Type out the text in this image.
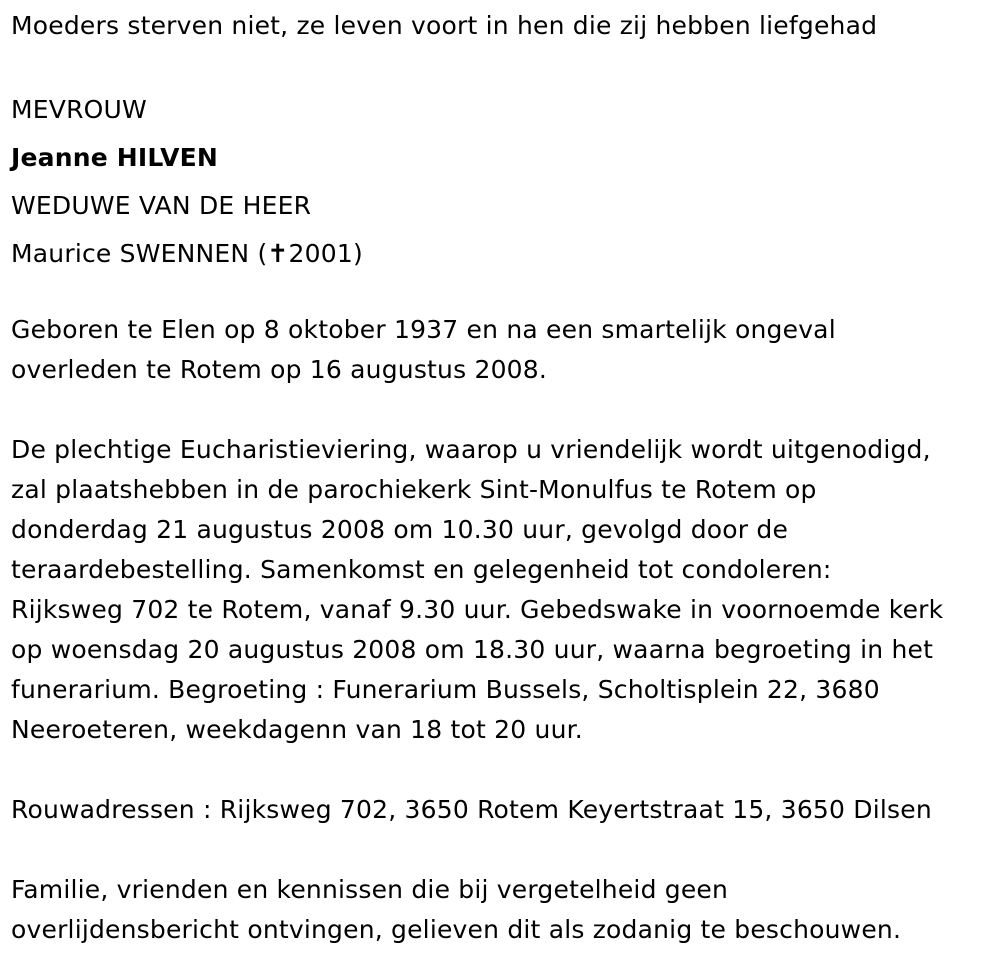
Moeders sterven niet, ze leven voort in hen die zij hebben liefgehad
MEVROUW
Jeanne HILVEN
WEDUWE VAN DE HEER
Maurice SWENNEN (✝2001)
Geboren te Elen op 8 oktober 1937 en na een smartelijk ongeval
overleden te Rotem op 16 augustus 2008.
De plechtige Eucharistieviering, waarop u vriendelijk wordt uitgenodigd,
zal plaatshebben in de parochiekerk Sint-Monulfus te Rotem op
donderdag 21 augustus 2008 om 10.30 uur, gevolgd door de
teraardebestelling. Samenkomst en gelegenheid tot condoleren:
Rijksweg 702 te Rotem, vanaf 9.30 uur. Gebedswake in voornoemde kerk
op woensdag 20 augustus 2008 om 18.30 uur, waarna begroeting in het
funerarium. Begroeting : Funerarium Bussels, Scholtisplein 22, 3680
Neeroeteren, weekdagenn van 18 tot 20 uur.
Rouwadressen : Rijksweg 702, 3650 Rotem Keyertstraat 15, 3650 Dilsen
Familie, vrienden en kennissen die bij vergetelheid geen
overlijdensbericht ontvingen, gelieven dit als zodanig te beschouwen.
